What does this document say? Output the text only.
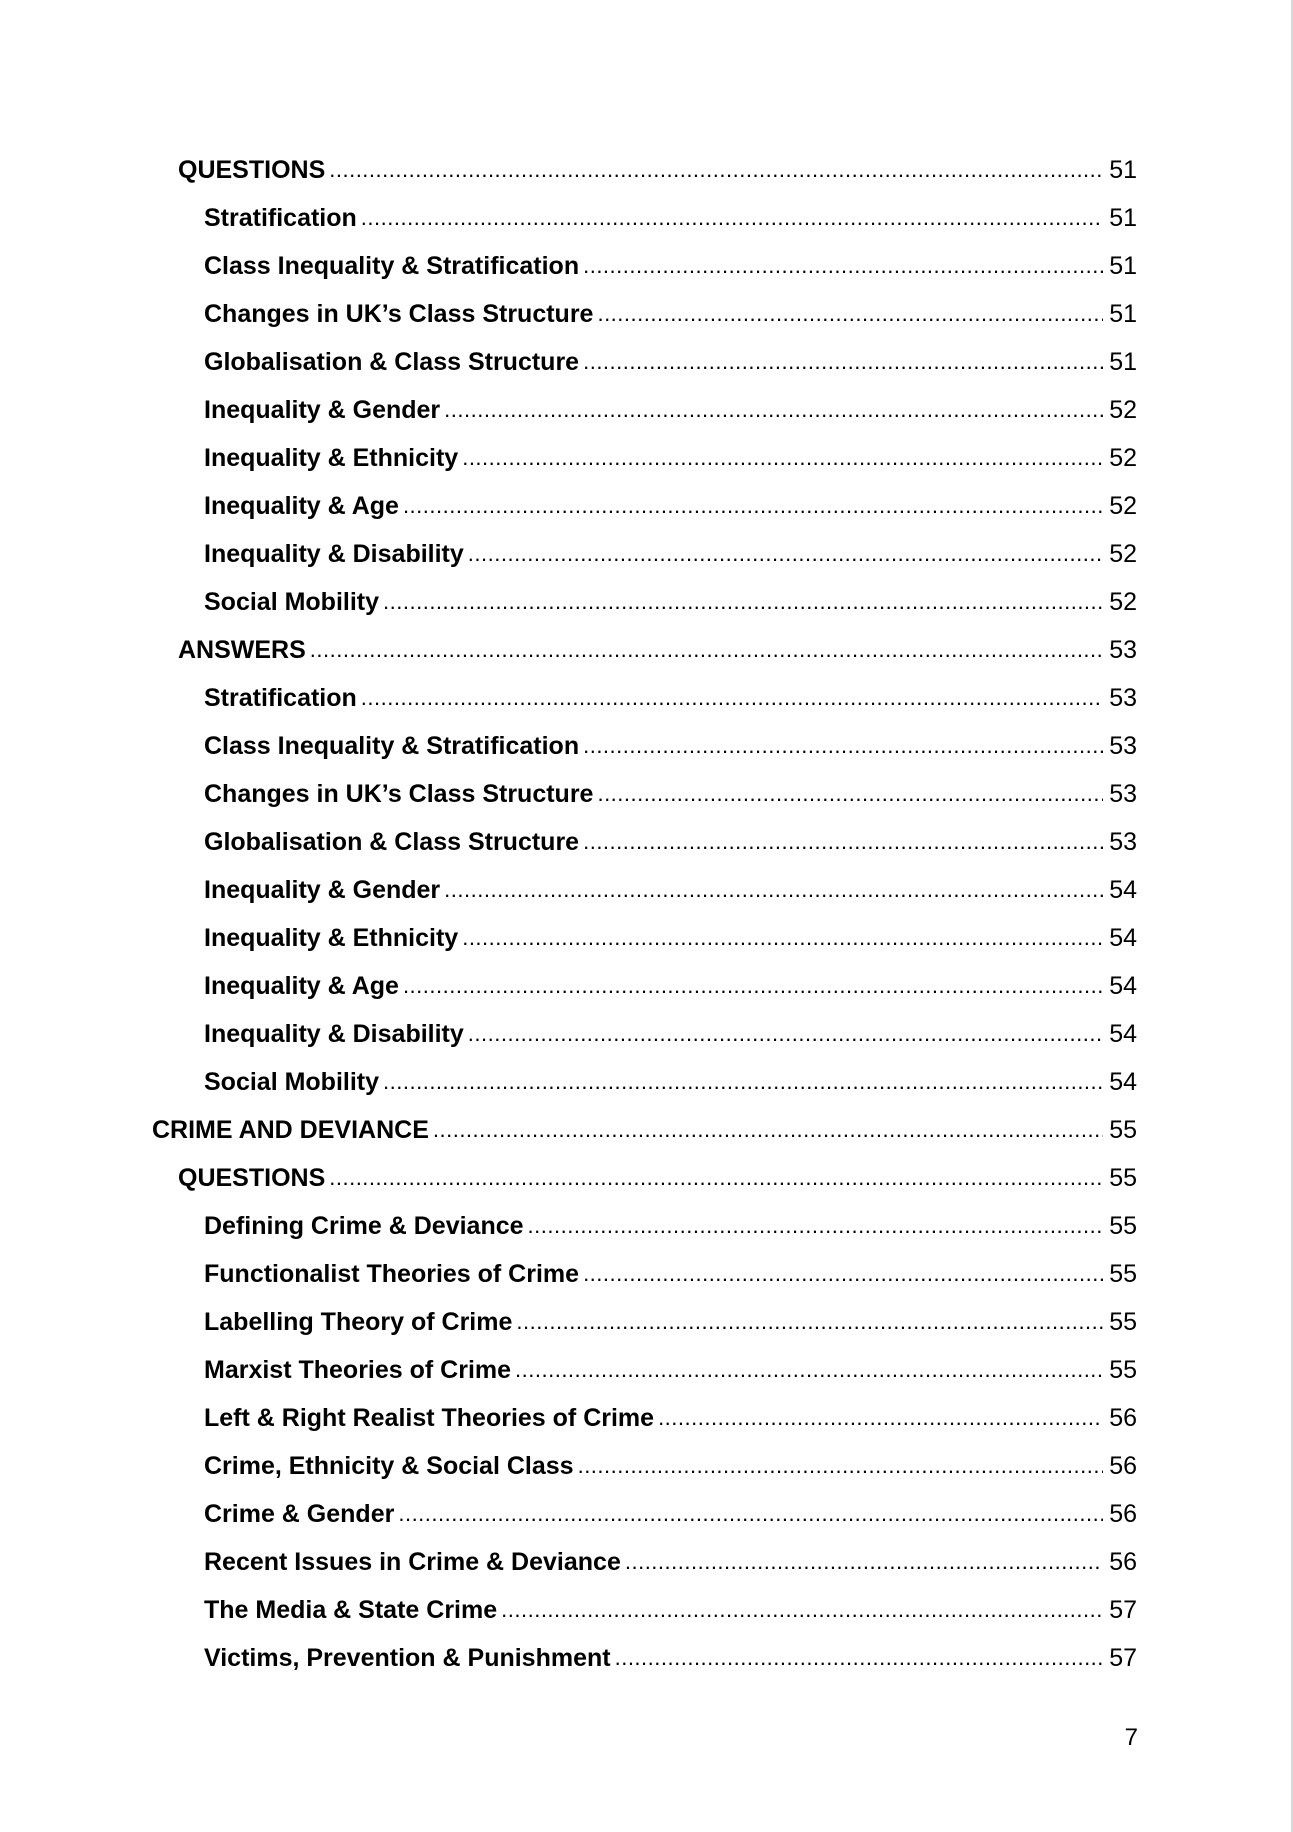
QUESTIONS .....	51
Stratification .....	51
Class Inequality & Stratification .....	51
Changes in UK’s Class Structure .....	51
Globalisation & Class Structure .....	51
Inequality & Gender .....	52
Inequality & Ethnicity .....	52
Inequality & Age .....	52
Inequality & Disability .....	52
Social Mobility .....	52
ANSWERS .....	53
Stratification .....	53
Class Inequality & Stratification .....	53
Changes in UK’s Class Structure .....	53
Globalisation & Class Structure .....	53
Inequality & Gender .....	54
Inequality & Ethnicity .....	54
Inequality & Age .....	54
Inequality & Disability .....	54
Social Mobility .....	54
CRIME AND DEVIANCE .....	55
QUESTIONS .....	55
Defining Crime & Deviance .....	55
Functionalist Theories of Crime .....	55
Labelling Theory of Crime .....	55
Marxist Theories of Crime .....	55
Left & Right Realist Theories of Crime .....	56
Crime, Ethnicity & Social Class .....	56
Crime & Gender .....	56
Recent Issues in Crime & Deviance .....	56
The Media & State Crime .....	57
Victims, Prevention & Punishment .....	57
7
